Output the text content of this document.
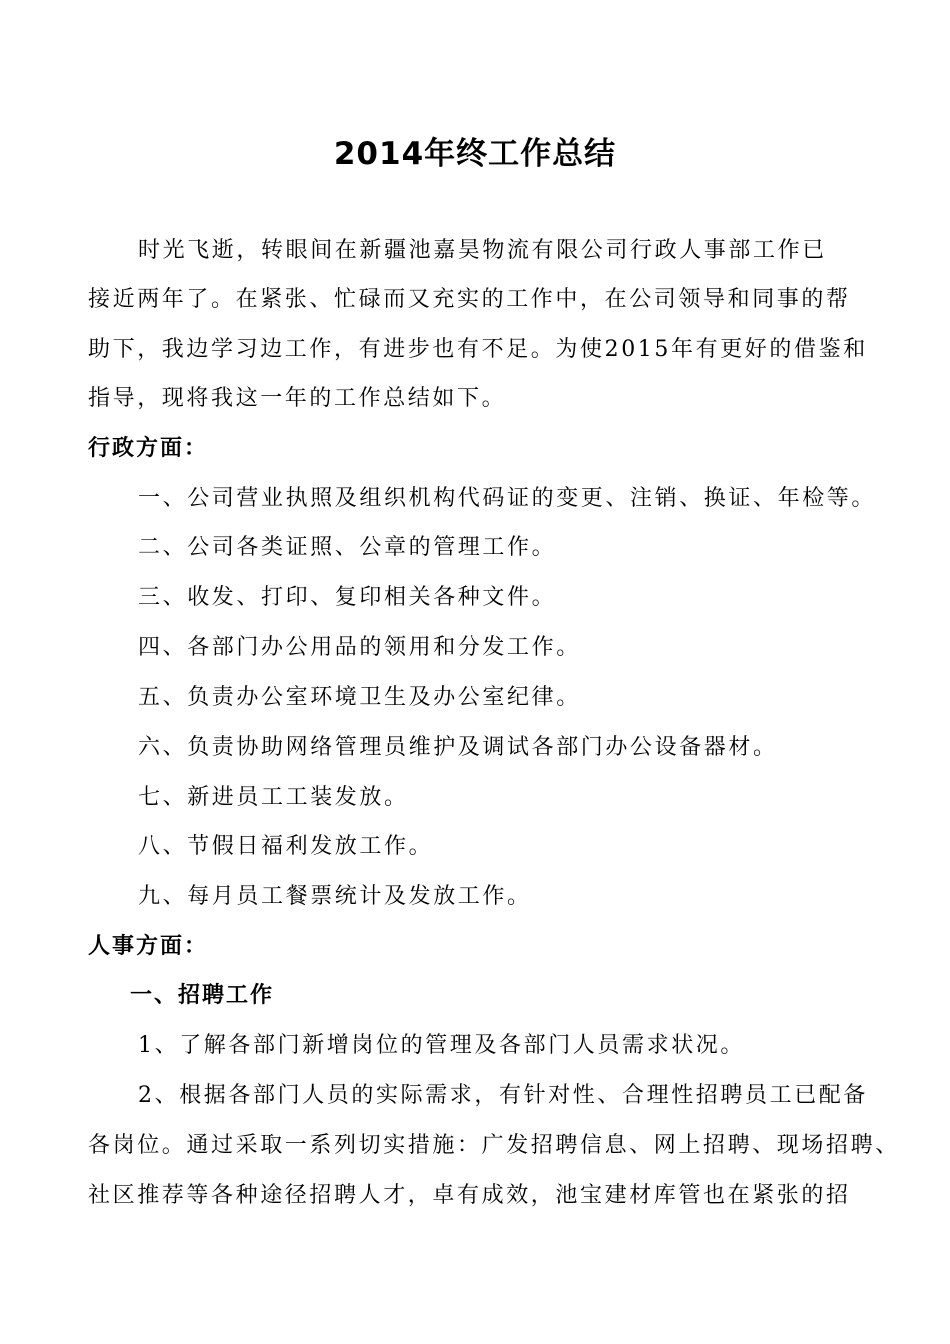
2014年终工作总结
时光飞逝，转眼间在新疆池嘉昊物流有限公司行政人事部工作已
接近两年了。在紧张、忙碌而又充实的工作中，在公司领导和同事的帮
助下，我边学习边工作，有进步也有不足。为使2015年有更好的借鉴和
指导，现将我这一年的工作总结如下。
行政方面：
一、公司营业执照及组织机构代码证的变更、注销、换证、年检等。
二、公司各类证照、公章的管理工作。
三、收发、打印、复印相关各种文件。
四、各部门办公用品的领用和分发工作。
五、负责办公室环境卫生及办公室纪律。
六、负责协助网络管理员维护及调试各部门办公设备器材。
七、新进员工工装发放。
八、节假日福利发放工作。
九、每月员工餐票统计及发放工作。
人事方面：
一、招聘工作
1、了解各部门新增岗位的管理及各部门人员需求状况。
2、根据各部门人员的实际需求，有针对性、合理性招聘员工已配备
各岗位。通过采取一系列切实措施：广发招聘信息、网上招聘、现场招聘、
社区推荐等各种途径招聘人才，卓有成效，池宝建材库管也在紧张的招
